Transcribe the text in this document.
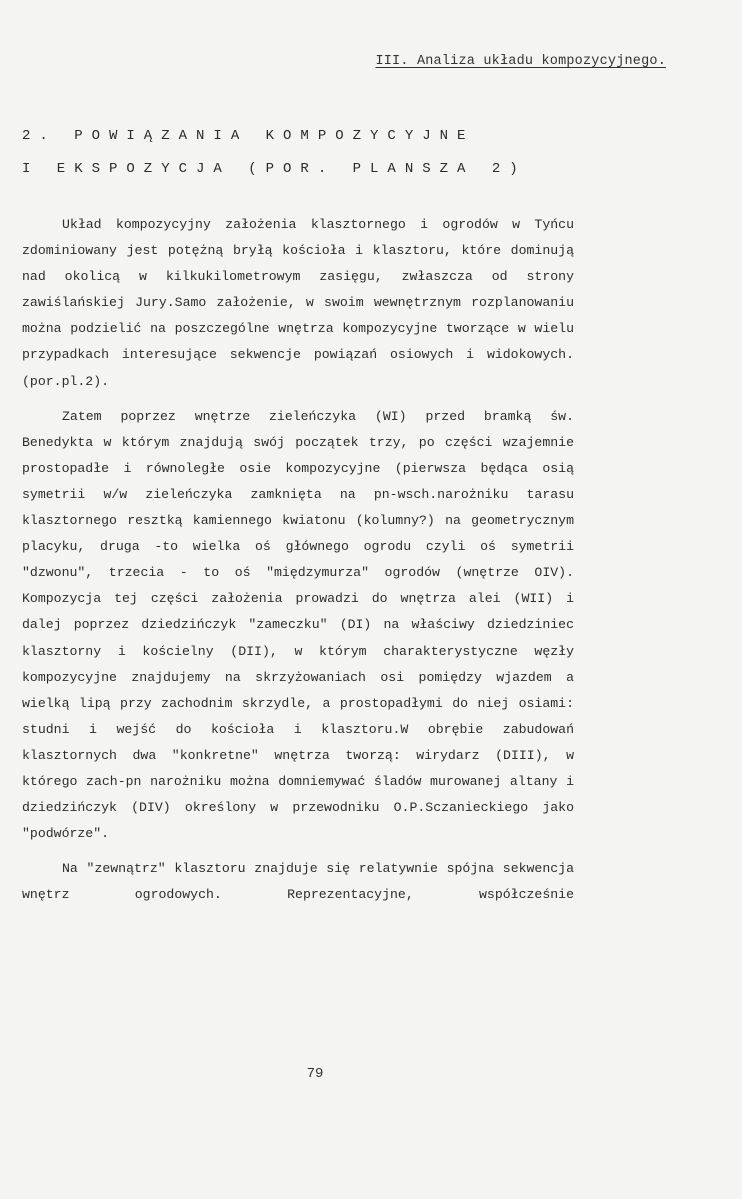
III. Analiza układu kompozycyjnego.
2. POWIĄZANIA KOMPOZYCYJNE
I EKSPOZYCJA (POR. PLANSZA 2)

Układ kompozycyjny założenia klasztornego i ogrodów w Tyńcu zdominiowany jest potężną bryłą kościoła i klasztoru, które dominują nad okolicą w kilkukilometrowym zasięgu, zwłaszcza od strony zawiślańskiej Jury.Samo założenie, w swoim wewnętrznym rozplanowaniu można podzielić na poszczególne wnętrza kompozycyjne tworzące w wielu przypadkach interesujące sekwencje powiązań osiowych i widokowych.(por.pl.2).

Zatem poprzez wnętrze zieleńczyka (WI) przed bramką św. Benedykta w którym znajdują swój początek trzy, po części wzajemnie prostopadłe i równoległe osie kompozycyjne (pierwsza będąca osią symetrii w/w zieleńczyka zamknięta na pn-wsch.narożniku tarasu klasztornego resztką kamiennego kwiatonu (kolumny?) na geometrycznym placyku, druga -to wielka oś głównego ogrodu czyli oś symetrii "dzwonu", trzecia - to oś "międzymurza" ogrodów (wnętrze OIV). Kompozycja tej części założenia prowadzi do wnętrza alei (WII) i dalej poprzez dziedzińczyk "zameczku" (DI) na właściwy dziedziniec klasztorny i kościelny (DII), w którym charakterystyczne węzły kompozycyjne znajdujemy na skrzyżowaniach osi pomiędzy wjazdem a wielką lipą przy zachodnim skrzydle, a prostopadłymi do niej osiami: studni i wejść do kościoła i klasztoru.W obrębie zabudowań klasztornych dwa "konkretne" wnętrza tworzą: wirydarz (DIII), w którego zach-pn narożniku można domniemywać śladów murowanej altany i dziedzińczyk (DIV) określony w przewodniku O.P.Sczanieckiego jako "podwórze".

Na "zewnątrz" klasztoru znajduje się relatywnie spójna sekwencja wnętrz ogrodowych. Reprezentacyjne, współcześnie

79
